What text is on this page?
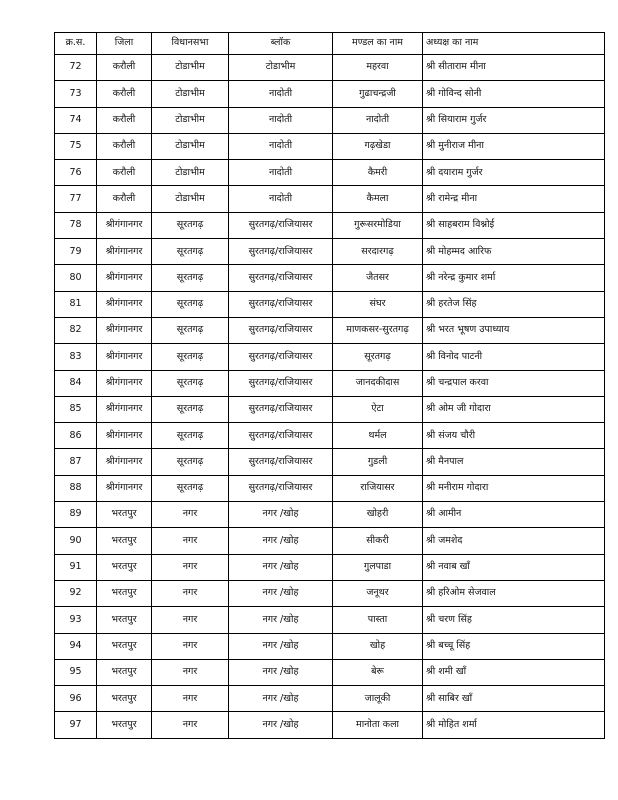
क्र.स.	जिला	विधानसभा	ब्लॉक	मण्डल का नाम	अध्यक्ष का नाम
72	करौली	टोडाभीम	टोडाभीम	महरवा	श्री सीताराम मीना
73	करौली	टोडाभीम	नादोती	गुढाचन्द्रजी	श्री गोविन्द सोनी
74	करौली	टोडाभीम	नादोती	नादोती	श्री सियाराम गुर्जर
75	करौली	टोडाभीम	नादोती	गढ़खेडा	श्री मुनीराज मीना
76	करौली	टोडाभीम	नादोती	कैमरी	श्री दयाराम गुर्जर
77	करौली	टोडाभीम	नादोती	कैमला	श्री रामेन्द्र मीना
78	श्रीगंगानगर	सूरतगढ़	सुरतगढ़/राजियासर	गुरूसरमोडिया	श्री साहबराम विश्नोई
79	श्रीगंगानगर	सूरतगढ़	सुरतगढ़/राजियासर	सरदारगढ़	श्री मोहम्मद आरिफ
80	श्रीगंगानगर	सूरतगढ़	सुरतगढ़/राजियासर	जैतसर	श्री नरेन्द्र कुमार शर्मा
81	श्रीगंगानगर	सूरतगढ़	सुरतगढ़/राजियासर	संघर	श्री हरतेज सिंह
82	श्रीगंगानगर	सूरतगढ़	सुरतगढ़/राजियासर	माणकसर-सुरतगढ़	श्री भरत भूषण उपाध्याय
83	श्रीगंगानगर	सूरतगढ़	सुरतगढ़/राजियासर	सूरतगढ़	श्री विनोद पाटनी
84	श्रीगंगानगर	सूरतगढ़	सुरतगढ़/राजियासर	जानदकीदास	श्री चन्द्रपाल करवा
85	श्रीगंगानगर	सूरतगढ़	सुरतगढ़/राजियासर	ऐटा	श्री ओम जी गोदारा
86	श्रीगंगानगर	सूरतगढ़	सुरतगढ़/राजियासर	थर्मल	श्री संजय चौरी
87	श्रीगंगानगर	सूरतगढ़	सुरतगढ़/राजियासर	गुडली	श्री मैनपाल
88	श्रीगंगानगर	सूरतगढ़	सुरतगढ़/राजियासर	राजियासर	श्री मनीराम गोदारा
89	भरतपुर	नगर	नगर /खोह	खोहरी	श्री आमीन
90	भरतपुर	नगर	नगर /खोह	सीकरी	श्री जमशेद
91	भरतपुर	नगर	नगर /खोह	गुलपाडा	श्री नवाब खाँ
92	भरतपुर	नगर	नगर /खोह	जनूथर	श्री हरिओम सेजवाल
93	भरतपुर	नगर	नगर /खोह	पास्ता	श्री चरण सिंह
94	भरतपुर	नगर	नगर /खोह	खोह	श्री बच्चू सिंह
95	भरतपुर	नगर	नगर /खोह	बेरू	श्री शमी खाँ
96	भरतपुर	नगर	नगर /खोह	जालूकी	श्री साबिर खाँ
97	भरतपुर	नगर	नगर /खोह	मानोता कला	श्री मोहित शर्मा
